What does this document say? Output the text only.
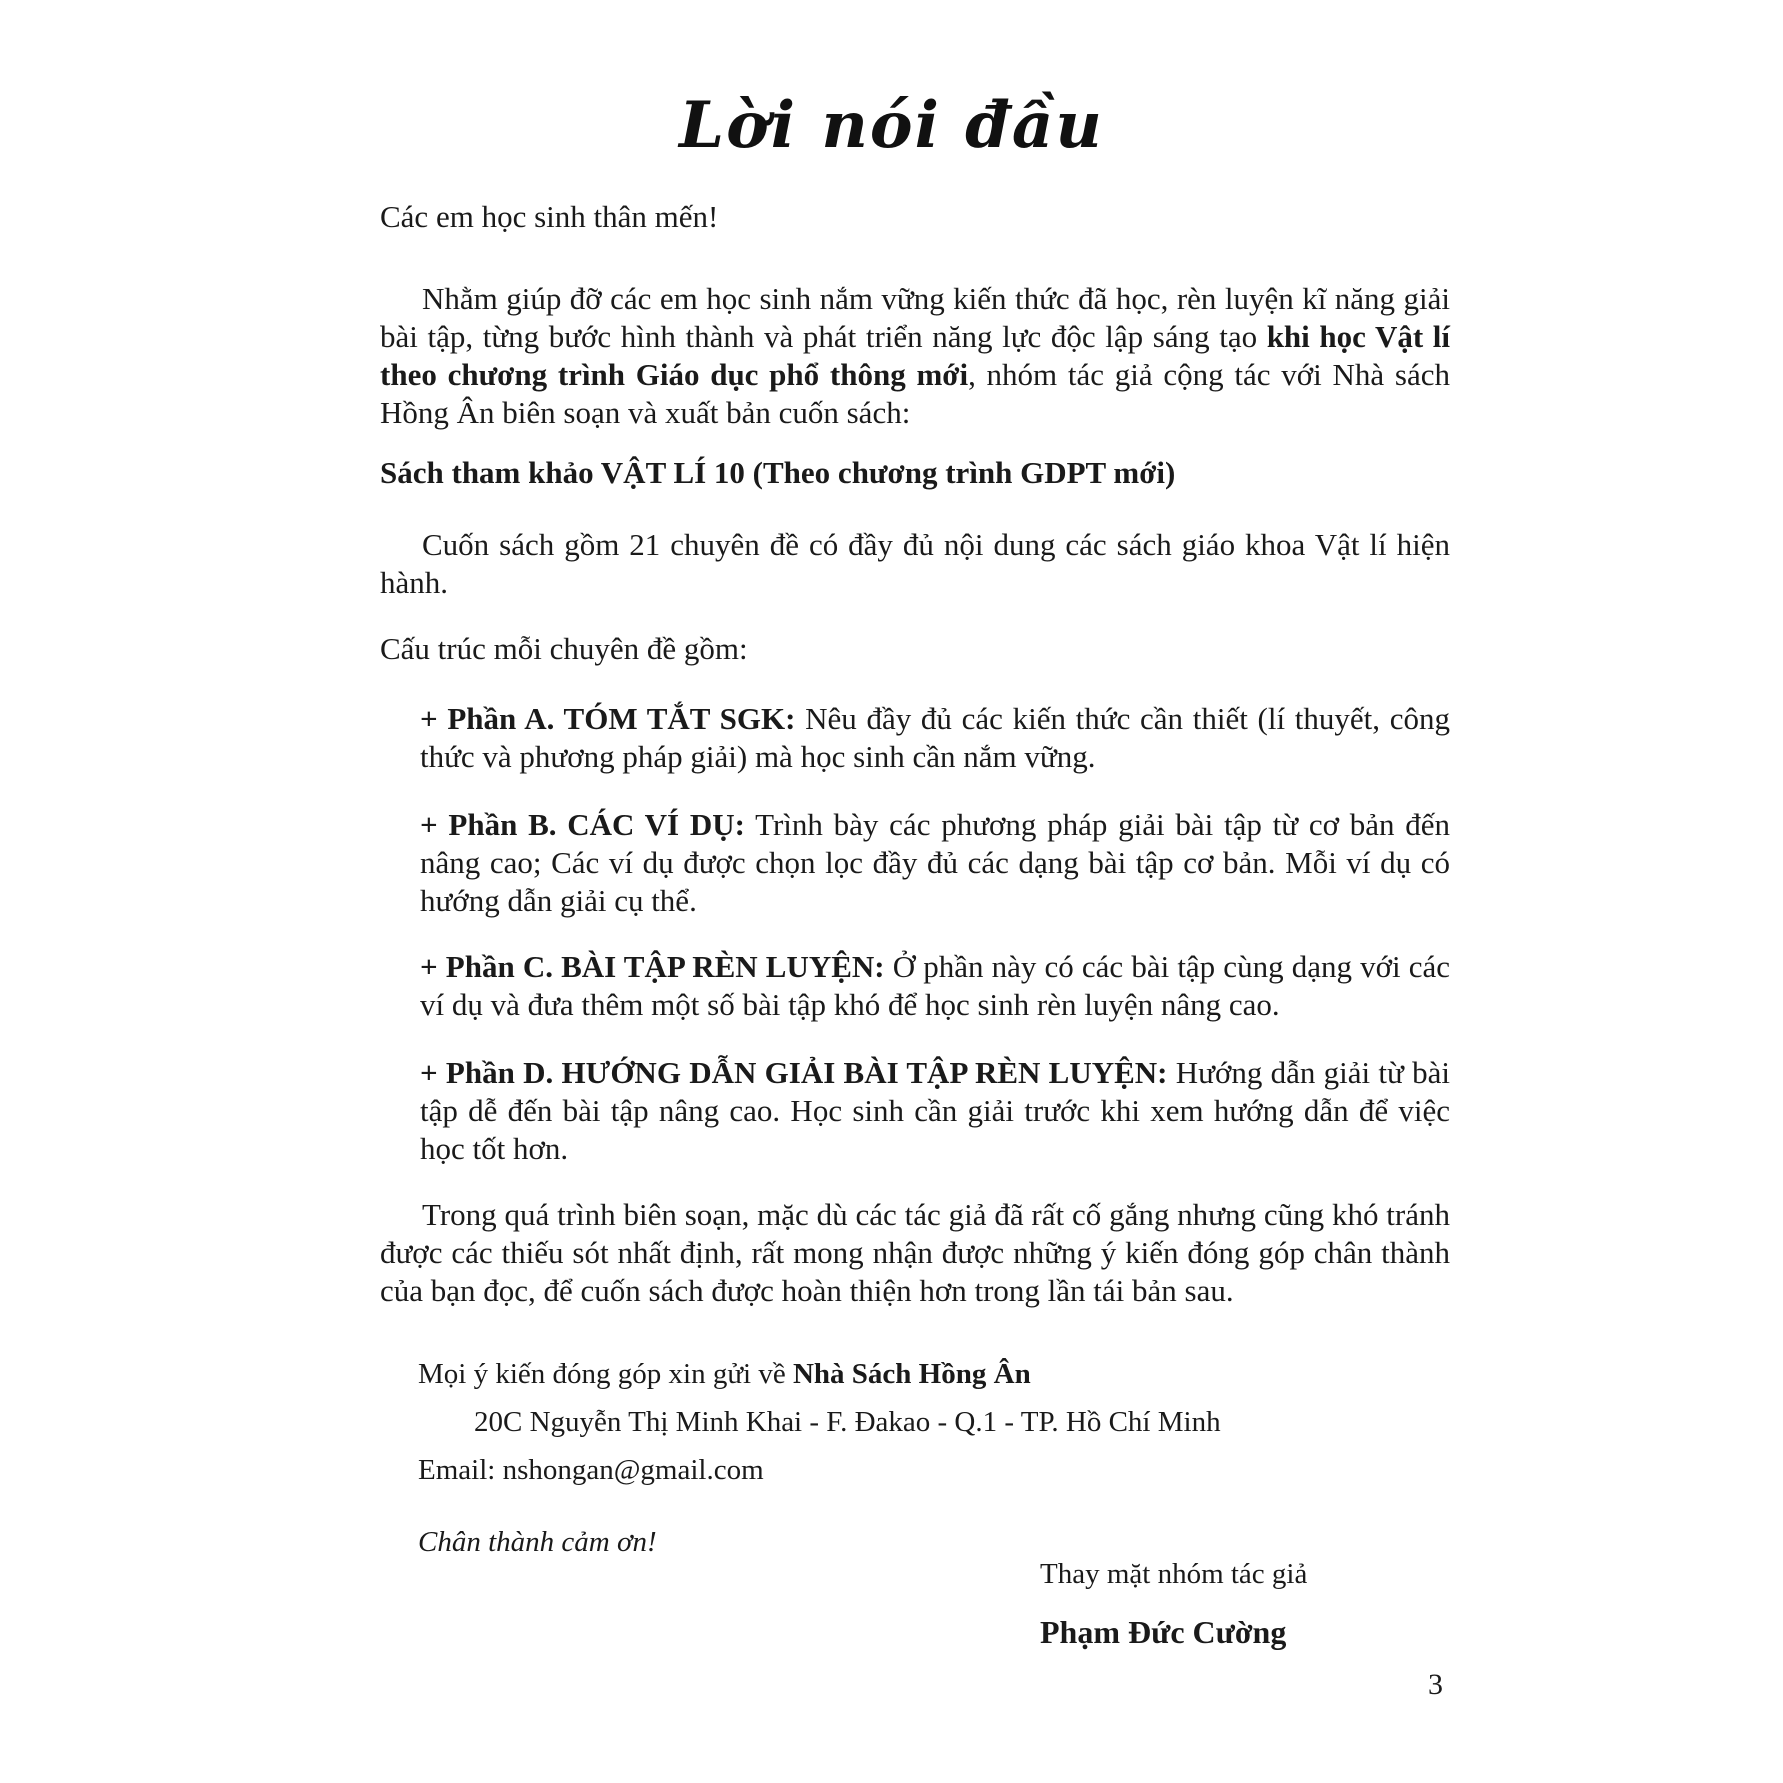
Lời nói đầu
Các em học sinh thân mến!
Nhằm giúp đỡ các em học sinh nắm vững kiến thức đã học, rèn luyện kĩ năng giải bài tập, từng bước hình thành và phát triển năng lực độc lập sáng tạo khi học Vật lí theo chương trình Giáo dục phổ thông mới, nhóm tác giả cộng tác với Nhà sách Hồng Ân biên soạn và xuất bản cuốn sách:
Sách tham khảo VẬT LÍ 10 (Theo chương trình GDPT mới)
Cuốn sách gồm 21 chuyên đề có đầy đủ nội dung các sách giáo khoa Vật lí hiện hành.
Cấu trúc mỗi chuyên đề gồm:
+ Phần A. TÓM TẮT SGK: Nêu đầy đủ các kiến thức cần thiết (lí thuyết, công thức và phương pháp giải) mà học sinh cần nắm vững.
+ Phần B. CÁC VÍ DỤ: Trình bày các phương pháp giải bài tập từ cơ bản đến nâng cao; Các ví dụ được chọn lọc đầy đủ các dạng bài tập cơ bản. Mỗi ví dụ có hướng dẫn giải cụ thể.
+ Phần C. BÀI TẬP RÈN LUYỆN: Ở phần này có các bài tập cùng dạng với các ví dụ và đưa thêm một số bài tập khó để học sinh rèn luyện nâng cao.
+ Phần D. HƯỚNG DẪN GIẢI BÀI TẬP RÈN LUYỆN: Hướng dẫn giải từ bài tập dễ đến bài tập nâng cao. Học sinh cần giải trước khi xem hướng dẫn để việc học tốt hơn.
Trong quá trình biên soạn, mặc dù các tác giả đã rất cố gắng nhưng cũng khó tránh được các thiếu sót nhất định, rất mong nhận được những ý kiến đóng góp chân thành của bạn đọc, để cuốn sách được hoàn thiện hơn trong lần tái bản sau.
Mọi ý kiến đóng góp xin gửi về Nhà Sách Hồng Ân
20C Nguyễn Thị Minh Khai - F. Đakao - Q.1 - TP. Hồ Chí Minh
Email: nshongan@gmail.com
Chân thành cảm ơn!
Thay mặt nhóm tác giả
Phạm Đức Cường
3
